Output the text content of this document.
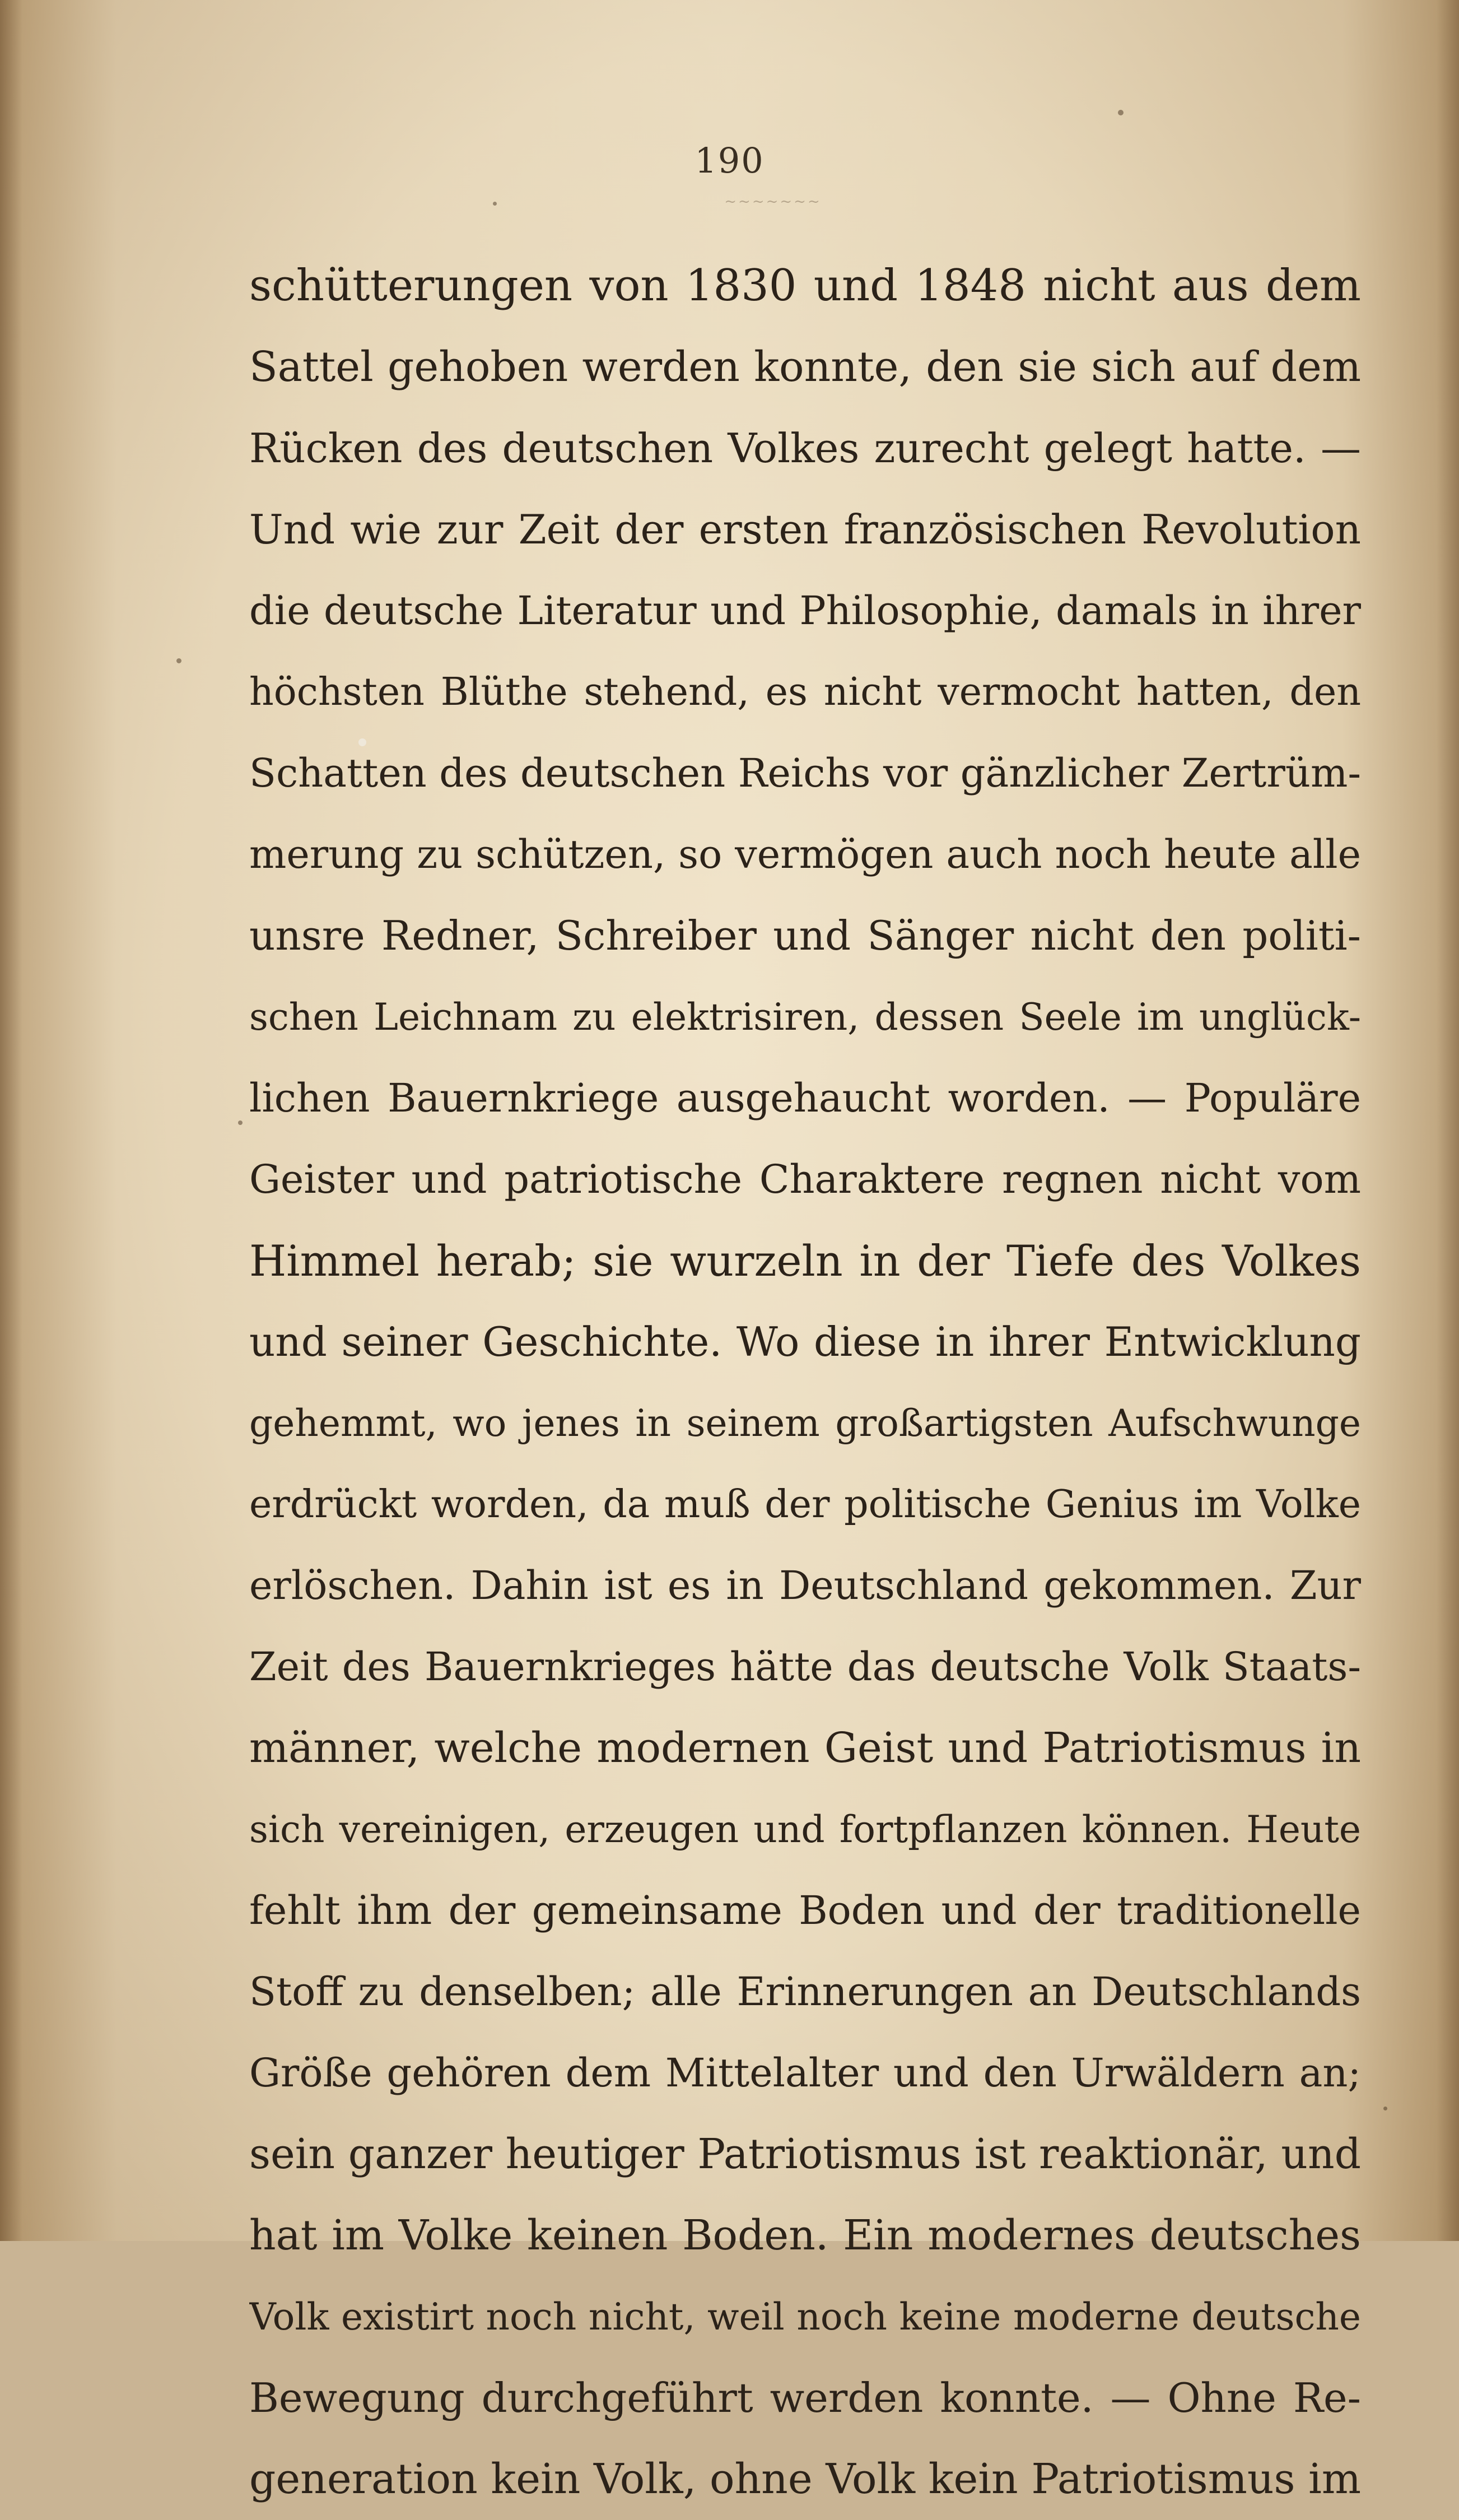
190
~~~~~~~
schütterungen von 1830 und 1848 nicht aus dem
Sattel gehoben werden konnte, den sie sich auf dem
Rücken des deutschen Volkes zurecht gelegt hatte. —
Und wie zur Zeit der ersten französischen Revolution
die deutsche Literatur und Philosophie, damals in ihrer
höchsten Blüthe stehend, es nicht vermocht hatten, den
Schatten des deutschen Reichs vor gänzlicher Zertrüm-
merung zu schützen, so vermögen auch noch heute alle
unsre Redner, Schreiber und Sänger nicht den politi-
schen Leichnam zu elektrisiren, dessen Seele im unglück-
lichen Bauernkriege ausgehaucht worden. — Populäre
Geister und patriotische Charaktere regnen nicht vom
Himmel herab; sie wurzeln in der Tiefe des Volkes
und seiner Geschichte. Wo diese in ihrer Entwicklung
gehemmt, wo jenes in seinem großartigsten Aufschwunge
erdrückt worden, da muß der politische Genius im Volke
erlöschen. Dahin ist es in Deutschland gekommen. Zur
Zeit des Bauernkrieges hätte das deutsche Volk Staats-
männer, welche modernen Geist und Patriotismus in
sich vereinigen, erzeugen und fortpflanzen können. Heute
fehlt ihm der gemeinsame Boden und der traditionelle
Stoff zu denselben; alle Erinnerungen an Deutschlands
Größe gehören dem Mittelalter und den Urwäldern an;
sein ganzer heutiger Patriotismus ist reaktionär, und
hat im Volke keinen Boden. Ein modernes deutsches
Volk existirt noch nicht, weil noch keine moderne deutsche
Bewegung durchgeführt werden konnte. — Ohne Re-
generation kein Volk, ohne Volk kein Patriotismus im
